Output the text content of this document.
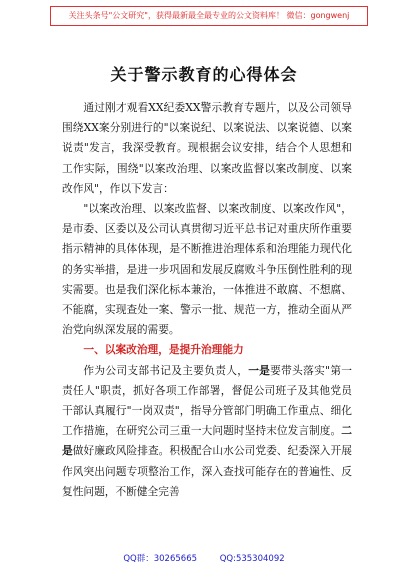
关注头条号"公文研究"，获得最新最全最专业的公文资料库！ 微信：gongwenj
关于警示教育的心得体会

通过刚才观看XX纪委XX警示教育专题片，以及公司领导围绕XX案分别进行的"以案说纪、以案说法、以案说德、以案说责"发言，我深受教育。现根据会议安排，结合个人思想和工作实际，围绕"以案改治理、以案改监督以案改制度、以案改作风"，作以下发言：

"以案改治理、以案改监督、以案改制度、以案改作风"，是市委、区委以及公司认真贯彻习近平总书记对重庆所作重要指示精神的具体体现，是不断推进治理体系和治理能力现代化的务实举措，是进一步巩固和发展反腐败斗争压倒性胜利的现实需要。也是我们深化标本兼治，一体推进不敢腐、不想腐、不能腐，实现查处一案、警示一批、规范一方，推动全面从严治党向纵深发展的需要。

一、以案改治理，是提升治理能力

作为公司支部书记及主要负责人，一是要带头落实"第一责任人"职责，抓好各项工作部署，督促公司班子及其他党员干部认真履行"一岗双责"，指导分管部门明确工作重点、细化工作措施，在研究公司三重一大问题时坚持末位发言制度。二是做好廉政风险排查。积极配合山水公司党委、纪委深入开展作风突出问题专项整治工作，深入查找可能存在的普遍性、反复性问题，不断健全完善

QQ群：30265665	QQ:535304092
